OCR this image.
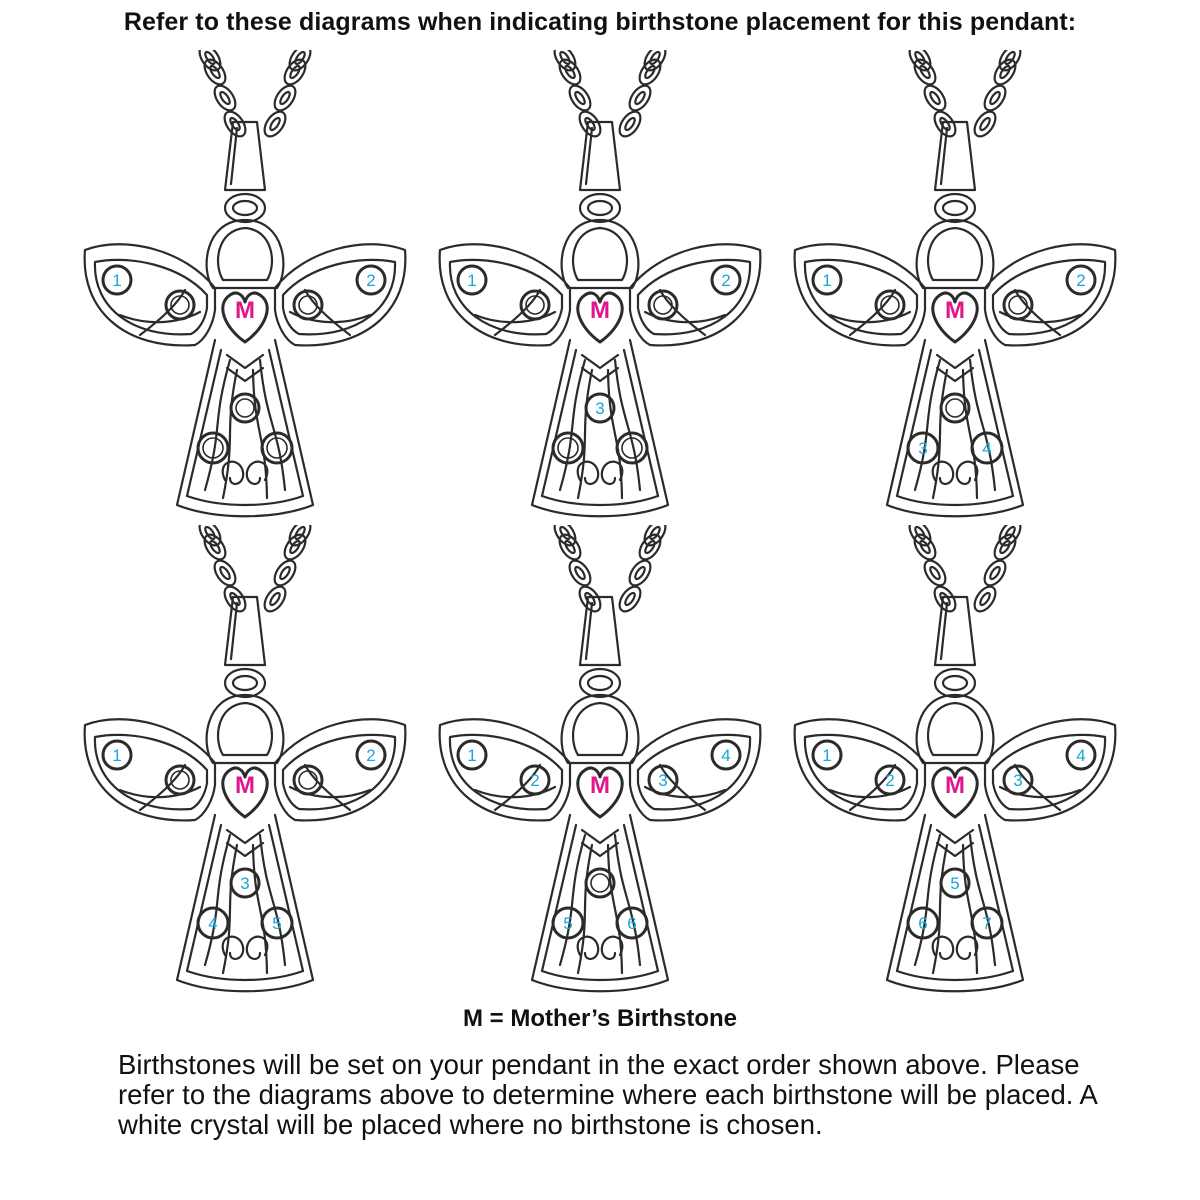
Refer to these diagrams when indicating birthstone placement for this pendant:
1	2
M
1	2
M
3
1	2
M
3	4
1	2
M
3
4	5
1
2 M	3
4
5	6
1
2 M	3
4
5
6	7
M = Mother’s Birthstone
Birthstones will be set on your pendant in the exact order shown above. Please refer to the diagrams above to determine where each birthstone will be placed. A white crystal will be placed where no birthstone is chosen.
